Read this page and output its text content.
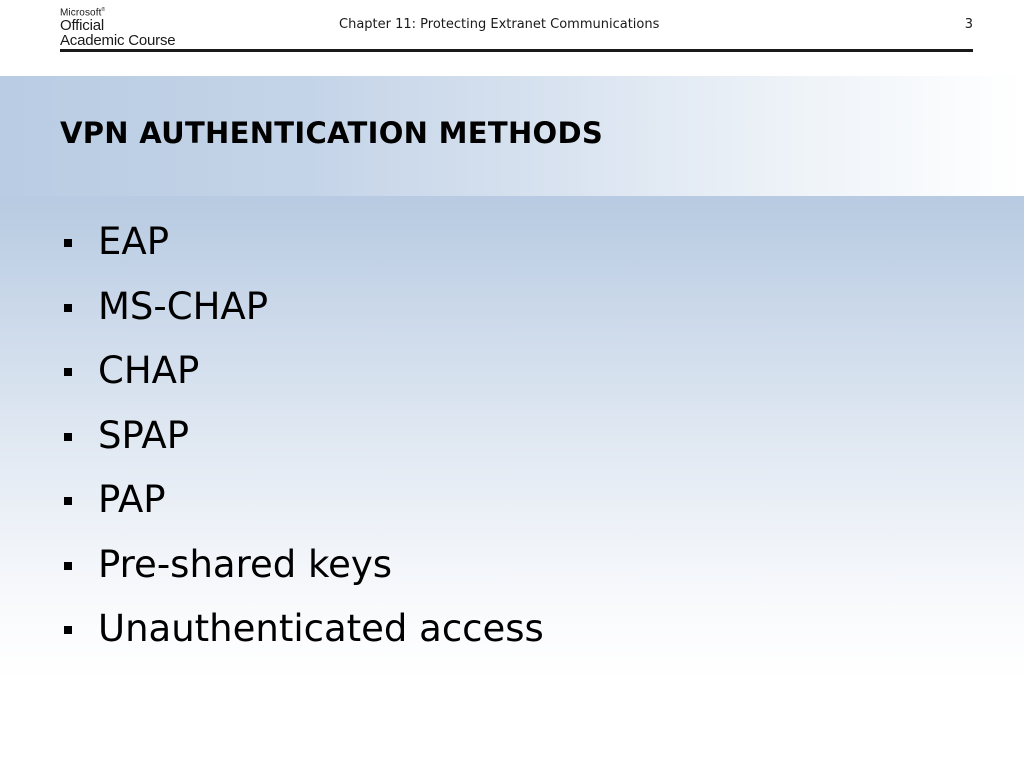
Microsoft®
Official
Academic Course
Chapter 11: Protecting Extranet Communications	3
VPN AUTHENTICATION METHODS
EAP
MS-CHAP
CHAP
SPAP
PAP
Pre-shared keys
Unauthenticated access
